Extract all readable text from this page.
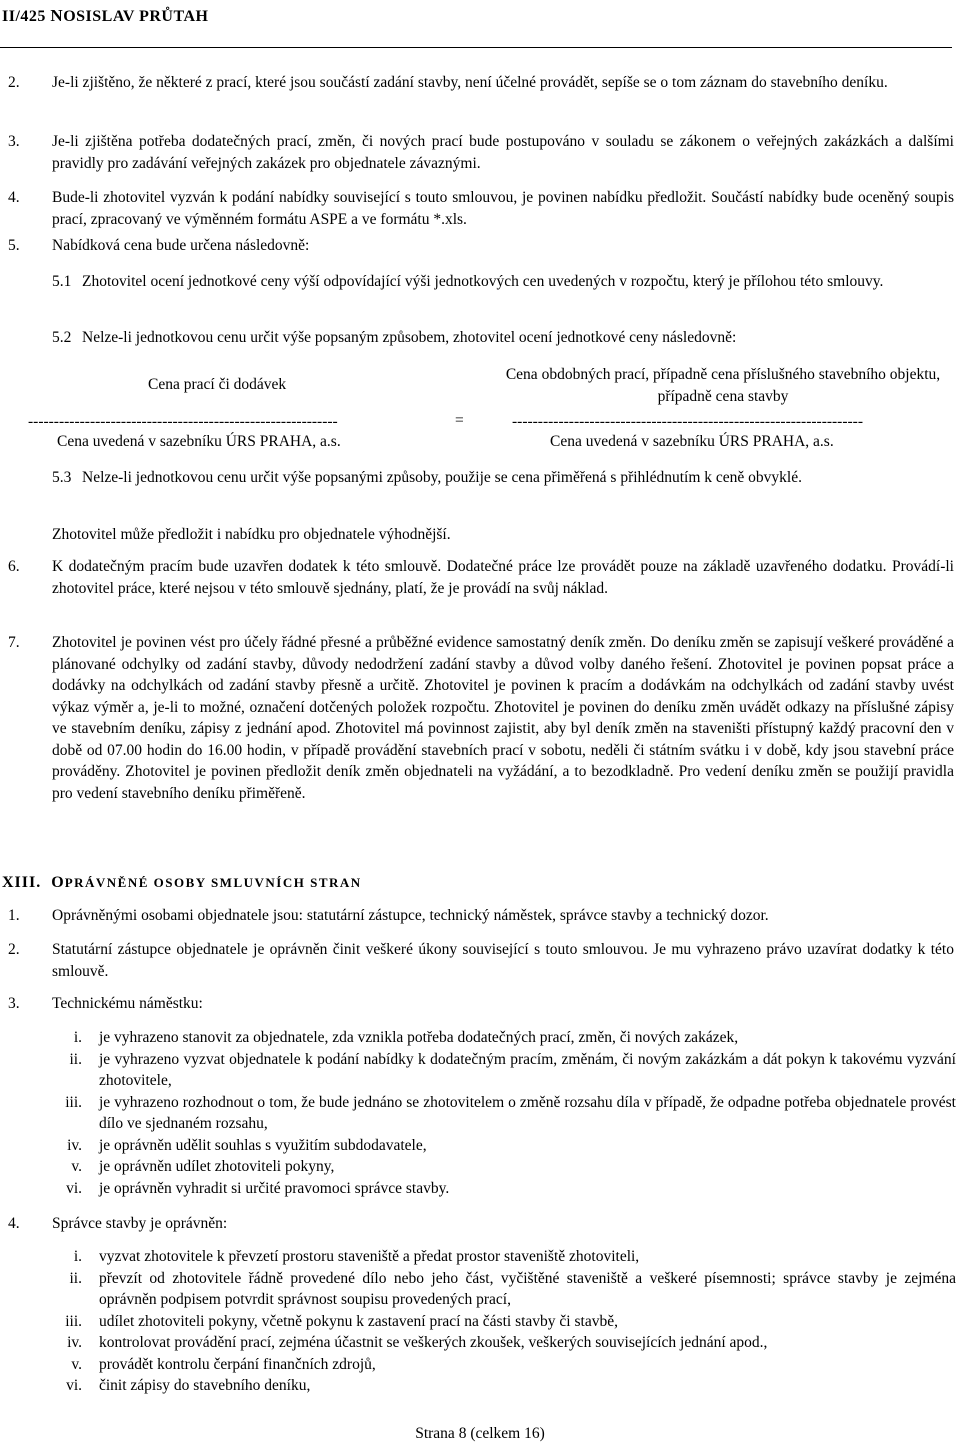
II/425 NOSISLAV PRŮTAH
2. Je-li zjištěno, že některé z prací, které jsou součástí zadání stavby, není účelné provádět, sepíše se o tom záznam do stavebního deníku.
3. Je-li zjištěna potřeba dodatečných prací, změn, či nových prací bude postupováno v souladu se zákonem o veřejných zakázkách a dalšími pravidly pro zadávání veřejných zakázek pro objednatele závaznými.
4. Bude-li zhotovitel vyzván k podání nabídky související s touto smlouvou, je povinen nabídku předložit. Součástí nabídky bude oceněný soupis prací, zpracovaný ve výměnném formátu ASPE a ve formátu *.xls.
5. Nabídková cena bude určena následovně:
5.1 Zhotovitel ocení jednotkové ceny výší odpovídající výši jednotkových cen uvedených v rozpočtu, který je přílohou této smlouvy.
5.2 Nelze-li jednotkovou cenu určit výše popsaným způsobem, zhotovitel ocení jednotkové ceny následovně:
Cena prací či dodávek
Cena obdobných prací, případně cena příslušného stavebního objektu, případně cena stavby
------------------------------------------------------------	=	--------------------------------------------------------------------
Cena uvedená v sazebníku ÚRS PRAHA, a.s.	Cena uvedená v sazebníku ÚRS PRAHA, a.s.
5.3 Nelze-li jednotkovou cenu určit výše popsanými způsoby, použije se cena přiměřená s přihlédnutím k ceně obvyklé.
Zhotovitel může předložit i nabídku pro objednatele výhodnější.
6. K dodatečným pracím bude uzavřen dodatek k této smlouvě. Dodatečné práce lze provádět pouze na základě uzavřeného dodatku. Provádí-li zhotovitel práce, které nejsou v této smlouvě sjednány, platí, že je provádí na svůj náklad.
7. Zhotovitel je povinen vést pro účely řádné přesné a průběžné evidence samostatný deník změn. Do deníku změn se zapisují veškeré prováděné a plánované odchylky od zadání stavby, důvody nedodržení zadání stavby a důvod volby daného řešení. Zhotovitel je povinen popsat práce a dodávky na odchylkách od zadání stavby přesně a určitě. Zhotovitel je povinen k pracím a dodávkám na odchylkách od zadání stavby uvést výkaz výměr a, je-li to možné, označení dotčených položek rozpočtu. Zhotovitel je povinen do deníku změn uvádět odkazy na příslušné zápisy ve stavebním deníku, zápisy z jednání apod. Zhotovitel má povinnost zajistit, aby byl deník změn na staveništi přístupný každý pracovní den v době od 07.00 hodin do 16.00 hodin, v případě provádění stavebních prací v sobotu, neděli či státním svátku i v době, kdy jsou stavební práce prováděny. Zhotovitel je povinen předložit deník změn objednateli na vyžádání, a to bezodkladně. Pro vedení deníku změn se použijí pravidla pro vedení stavebního deníku přiměřeně.
XIII. OPRÁVNĚNÉ OSOBY SMLUVNÍCH STRAN
1. Oprávněnými osobami objednatele jsou: statutární zástupce, technický náměstek, správce stavby a technický dozor.
2. Statutární zástupce objednatele je oprávněn činit veškeré úkony související s touto smlouvou. Je mu vyhrazeno právo uzavírat dodatky k této smlouvě.
3. Technickému náměstku:
i. je vyhrazeno stanovit za objednatele, zda vznikla potřeba dodatečných prací, změn, či nových zakázek,
ii. je vyhrazeno vyzvat objednatele k podání nabídky k dodatečným pracím, změnám, či novým zakázkám a dát pokyn k takovému vyzvání zhotovitele,
iii. je vyhrazeno rozhodnout o tom, že bude jednáno se zhotovitelem o změně rozsahu díla v případě, že odpadne potřeba objednatele provést dílo ve sjednaném rozsahu,
iv. je oprávněn udělit souhlas s využitím subdodavatele,
v. je oprávněn udílet zhotoviteli pokyny,
vi. je oprávněn vyhradit si určité pravomoci správce stavby.
4. Správce stavby je oprávněn:
i. vyzvat zhotovitele k převzetí prostoru staveniště a předat prostor staveniště zhotoviteli,
ii. převzít od zhotovitele řádně provedené dílo nebo jeho část, vyčištěné staveniště a veškeré písemnosti; správce stavby je zejména oprávněn podpisem potvrdit správnost soupisu provedených prací,
iii. udílet zhotoviteli pokyny, včetně pokynu k zastavení prací na části stavby či stavbě,
iv. kontrolovat provádění prací, zejména účastnit se veškerých zkoušek, veškerých souvisejících jednání apod.,
v. provádět kontrolu čerpání finančních zdrojů,
vi. činit zápisy do stavebního deníku,
Strana 8 (celkem 16)
